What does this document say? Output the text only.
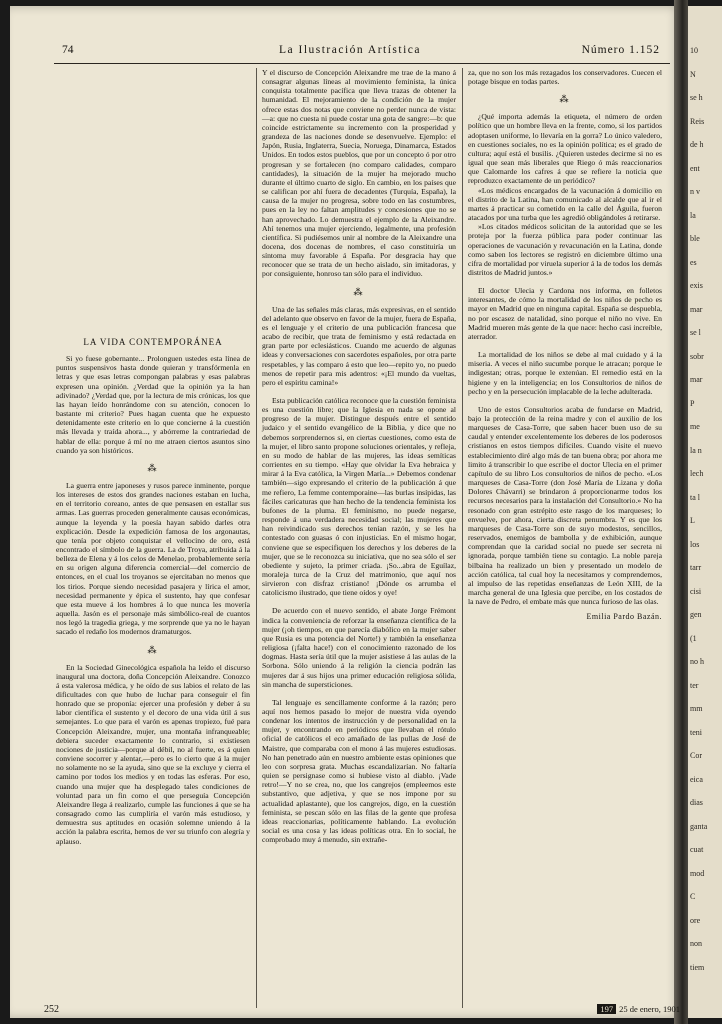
10
N
se h
Reis
de h
ent
n v
la
ble
es
exis
mar
se l
sobr
mar
P
me
la n
lech
ta l
L
los
tarr
cisi
gen
(1
no h
ter
mm
teni
Cor
eica
dias
ganta
cuat
mod
C
ore
non
tiem
74	La Ilustración Artística	Número 1.152

Y el discurso de Concepción Aleixandre me trae de la mano á consagrar algunas líneas al movimiento feminista, la única conquista totalmente pacífica que lleva trazas de obtener la humanidad. El mejoramiento de la condición de la mujer ofrece estas dos notas que conviene no perder nunca de vista:—a: que no cuesta ni puede costar una gota de sangre:—b: que coincide estrictamente su incremento con la prosperidad y grandeza de las naciones donde se desenvuelve. Ejemplo: el Japón, Rusia, Inglaterra, Suecia, Noruega, Dinamarca, Estados Unidos. En todos estos pueblos, que por un concepto ó por otro progresan y se fortalecen (no comparo calidades, comparo cantidades), la situación de la mujer ha mejorado mucho durante el último cuarto de siglo. En cambio, en los países que se califican por ahí fuera de decadentes (Turquía, España), la causa de la mujer no progresa, sobre todo en las costumbres, pues en la ley no faltan amplitudes y concesiones que no se han aprovechado. Lo demuestra el ejemplo de la Aleixandre. Ahí tenemos una mujer ejerciendo, legalmente, una profesión científica. Si pudiésemos unir al nombre de la Aleixandre una docena, dos docenas de nombres, el caso constituiría un síntoma muy favorable á España. Por desgracia hay que reconocer que se trata de un hecho aislado, sin imitadoras, y por consiguiente, honroso tan sólo para el individuo.

⁂

Una de las señales más claras, más expresivas, en el sentido del adelanto que observo en favor de la mujer, fuera de España, es el lenguaje y el criterio de una publicación francesa que acabo de recibir, que trata de feminismo y está redactada en gran parte por eclesiásticos. Cuando me acuerdo de algunas ideas y conversaciones con sacerdotes españoles, por otra parte respetables, y las comparo á esto que leo—repito yo, no puedo menos de repetir para mis adentros: «¡El mundo da vueltas, pero el espíritu camina!»

Esta publicación católica reconoce que la cuestión feminista es una cuestión libre; que la Iglesia en nada se opone al progreso de la mujer. Distingue después entre el sentido judaico y el sentido evangélico de la Biblia, y dice que no debemos sorprendernos si, en ciertas cuestiones, como esta de la mujer, el libro santo propone soluciones orientales, y refleja, en su modo de hablar de las mujeres, las ideas semíticas corrientes en su tiempo. «Hay que olvidar la Eva hebraica y mirar á la Eva católica, la Virgen María...» Debemos condenar también—sigo expresando el criterio de la publicación á que me refiero, La femme contemporaine—las burlas insípidas, las fáciles caricaturas que han hecho de la tendencia feminista los bufones de la pluma. El feminismo, no puede negarse, responde á una verdadera necesidad social; las mujeres que han reivindicado sus derechos tenían razón, y se les ha contestado con guasas ó con injusticias. En el mismo hogar, conviene que se especifiquen los derechos y los deberes de la mujer, que se le reconozca su iniciativa, que no sea sólo el ser obediente y sujeto, la primer criada. ¡So...abra de Eguílaz, moraleja turca de la Cruz del matrimonio, que aquí nos sirvieron con disfraz cristiano! ¡Dónde os arrumba el catolicismo ilustrado, que tiene oídos y oye!

De acuerdo con el nuevo sentido, el abate Jorge Frémont indica la conveniencia de reforzar la enseñanza científica de la mujer (¡oh tiempos, en que parecía diabólico en la mujer saber que Rusia es una potencia del Norte!) y también la enseñanza religiosa (¡falta hace!) con el conocimiento razonado de los dogmas. Hasta sería útil que la mujer asistiese á las aulas de la Sorbona. Sólo uniendo á la religión la ciencia podrán las mujeres dar á sus hijos una primer educación religiosa sólida, sin mancha de supersticiones.

Tal lenguaje es sencillamente conforme á la razón; pero aquí nos hemos pasado lo mejor de nuestra vida oyendo condenar los intentos de instrucción y de personalidad en la mujer, y encontrando en periódicos que llevaban el rótulo oficial de católicos el eco amañado de las pullas de José de Maistre, que comparaba con el mono á las mujeres estudiosas. No han penetrado aún en nuestro ambiente estas opiniones que leo con sorpresa grata. Muchas escandalizarían. No faltaría quien se persignase como si hubiese visto al diablo. ¡Vade retro!—Y no se crea, no, que los cangrejos (empleemos este substantivo, que adjetiva, y que se nos impone por su actualidad aplastante), que los cangrejos, digo, en la cuestión feminista, se pescan sólo en las filas de la gente que profesa ideas reaccionarias, políticamente hablando. La evolución social es una cosa y las ideas políticas otra. En lo social, he comprobado muy á menudo, sin extrañe-

LA VIDA CONTEMPORÁNEA

Si yo fuese gobernante... Prolonguen ustedes esta línea de puntos suspensivos hasta donde quieran y transfórmenla en letras y que esas letras compongan palabras y esas palabras expresen una opinión. ¿Verdad que la opinión ya la han adivinado? ¿Verdad que, por la lectura de mis crónicas, los que las hayan leído honrándome con su atención, conocen lo bastante mi criterio? Pues hagan cuenta que he expuesto detenidamente este criterio en lo que concierne á la cuestión más llevada y traída ahora..., y abórreme la contrariedad de hablar de ella: porque á mí no me atraen ciertos asuntos sino cuando ya son históricos.

⁂

La guerra entre japoneses y rusos parece inminente, porque los intereses de estos dos grandes naciones estaban en lucha, en el territorio coreano, antes de que pensasen en estallar sus armas. Las guerras proceden generalmente causas económicas, aunque la leyenda y la poesía hayan sabido darles otra explicación. Desde la expedición famosa de los argonautas, que tenía por objeto conquistar el vellocino de oro, está encontrado el símbolo de la guerra. La de Troya, atribuida á la belleza de Elena y á los celos de Menelao, probablemente sería en su origen alguna diferencia comercial—del comercio de entonces, en el cual los troyanos se ejercitaban no menos que los tirios. Porque siendo necesidad pasajera y lírica el amor, necesidad permanente y épica el sustento, hay que confesar que esta mueve á los hombres á lo que nunca les movería aquella. Jasón es el personaje más simbólico-real de cuantos nos legó la tragedia griega, y me sorprende que ya no le hayan sacado el redaño los modernos dramaturgos.

⁂

En la Sociedad Ginecológica española ha leído el discurso inaugural una doctora, doña Concepción Aleixandre. Conozco á esta valerosa médica, y he oído de sus labios el relato de las dificultades con que hubo de luchar para conseguir el fin honrado que se proponía: ejercer una profesión y deber á su labor científica el sustento y el decoro de una vida útil á sus semejantes. Lo que para el varón es apenas tropiezo, fué para Concepción Aleixandre, mujer, una montaña infranqueable; debiera suceder exactamente lo contrario, si existiesen nociones de justicia—porque al débil, no al fuerte, es á quien conviene socorrer y alentar,—pero es lo cierto que á la mujer no solamente no se la ayuda, sino que se la excluye y cierra el camino por todos los medios y en todas las esferas. Por eso, cuando una mujer que ha desplegado tales condiciones de voluntad para un fin como el que perseguía Concepción Aleixandre llega á realizarlo, cumple las funciones á que se ha consagrado como las cumpliría el varón más estudioso, y demuestra sus aptitudes en ocasión solemne uniendo á la acción la palabra escrita, hemos de ver su triunfo con alegría y aplauso.

za, que no son los más rezagados los conservadores. Cuecen el potage bisque en todas partes.

⁂

¿Qué importa además la etiqueta, el número de orden político que un hombre lleva en la frente, como, si los partidos adoptasen uniforme, lo llevaría en la gorra? Lo único valedero, en cuestiones sociales, no es la opinión política; es el grado de cultura; aquí está el busilis. ¿Quieren ustedes decirme si no es igual que sean más liberales que Riego ó más reaccionarios que Calomarde los cafres á que se refiere la noticia que reproduzco exactamente de un periódico?

«Los médicos encargados de la vacunación á domicilio en el distrito de la Latina, han comunicado al alcalde que al ir el martes á practicar su cometido en la calle del Águila, fueron atacados por una turba que les agredió obligándoles á retirarse.

»Los citados médicos solicitan de la autoridad que se les proteja por la fuerza pública para poder continuar las operaciones de vacunación y revacunación en la Latina, donde como saben los lectores se registró en diciembre último una cifra de mortalidad por viruela superior á la de todos los demás distritos de Madrid juntos.»

El doctor Ulecia y Cardona nos informa, en folletos interesantes, de cómo la mortalidad de los niños de pecho es mayor en Madrid que en ninguna capital. España se despuebla, no por escasez de natalidad, sino porque el niño no vive. En Madrid mueren más gente de la que nace: hecho casi increíble, aterrador.

La mortalidad de los niños se debe al mal cuidado y á la miseria. A veces el niño sucumbe porque le atracan; porque le indigestan; otras, porque le extenúan. El remedio está en la higiene y en la inteligencia; en los Consultorios de niños de pecho y en la persecución implacable de la leche adulterada.

Uno de estos Consultorios acaba de fundarse en Madrid, bajo la protección de la reina madre y con el auxilio de los marqueses de Casa-Torre, que saben hacer buen uso de su caudal y entender excelentemente los deberes de los poderosos cristianos en estos tiempos difíciles. Cuando visite el nuevo establecimiento diré algo más de tan buena obra; por ahora me limito á transcribir lo que escribe el doctor Ulecia en el primer capítulo de su libro Los consultorios de niños de pecho. «Los marqueses de Casa-Torre (don José María de Lizana y doña Dolores Chávarri) se brindaron á proporcionarme todos los recursos necesarios para la instalación del Consultorio.» No ha resonado con gran estrépito este rasgo de los marqueses; lo envuelve, por ahora, cierta discreta penumbra. Y es que los marqueses de Casa-Torre son de suyo modestos, sencillos, reservados, enemigos de bambolla y de exhibición, aunque comprendan que la caridad social no puede ser secreta ni ignorada, porque también tiene su contagio. La noble pareja bilbaína ha realizado un bien y presentado un modelo de acción católica, tal cual hoy la necesitamos y comprendemos, al impulso de las repetidas enseñanzas de León XIII, de la marcha general de una Iglesia que percibe, en los costados de la nave de Pedro, el embate más que nunca furioso de las olas.

Emilia Pardo Bazán.
252	197 25 de enero, 1901
